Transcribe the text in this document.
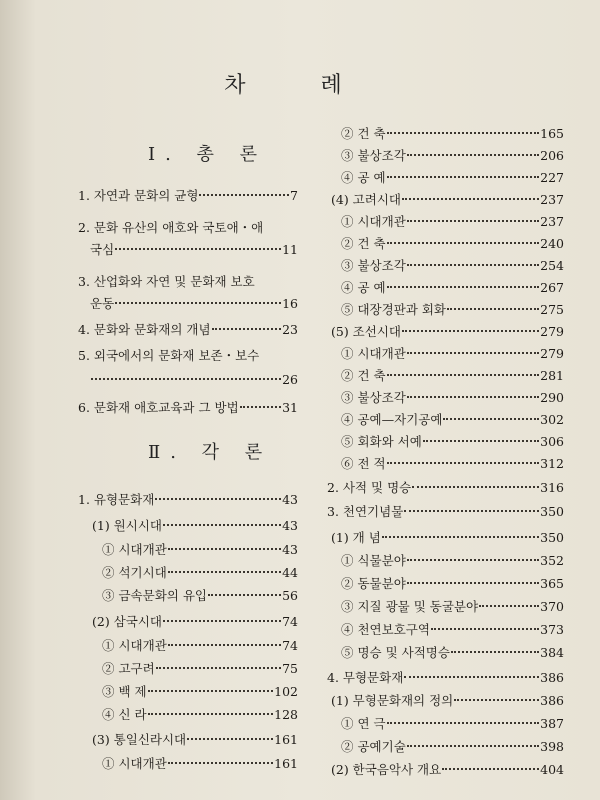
차 례
Ⅰ. 총 론
1. 자연과 문화의 균형	7
2. 문화 유산의 애호와 국토애・애
국심	11
3. 산업화와 자연 및 문화재 보호
운동	16
4. 문화와 문화재의 개념	23
5. 외국에서의 문화재 보존・보수
26
6. 문화재 애호교육과 그 방법	31
Ⅱ. 각 론
1. 유형문화재	43
(1) 원시시대	43
① 시대개관	43
② 석기시대	44
③ 금속문화의 유입	56
(2) 삼국시대	74
① 시대개관	74
② 고구려	75
③ 백 제	102
④ 신 라	128
(3) 통일신라시대	161
① 시대개관	161
② 건 축	165
③ 불상조각	206
④ 공 예	227
(4) 고려시대	237
① 시대개관	237
② 건 축	240
③ 불상조각	254
④ 공 예	267
⑤ 대장경판과 회화	275
(5) 조선시대	279
① 시대개관	279
② 건 축	281
③ 불상조각	290
④ 공예—자기공예	302
⑤ 회화와 서예	306
⑥ 전 적	312
2. 사적 및 명승	316
3. 천연기념물	350
(1) 개 념	350
① 식물분야	352
② 동물분야	365
③ 지질 광물 및 동굴분야	370
④ 천연보호구역	373
⑤ 명승 및 사적명승	384
4. 무형문화재	386
(1) 무형문화재의 정의	386
① 연 극	387
② 공예기술	398
(2) 한국음악사 개요	404
